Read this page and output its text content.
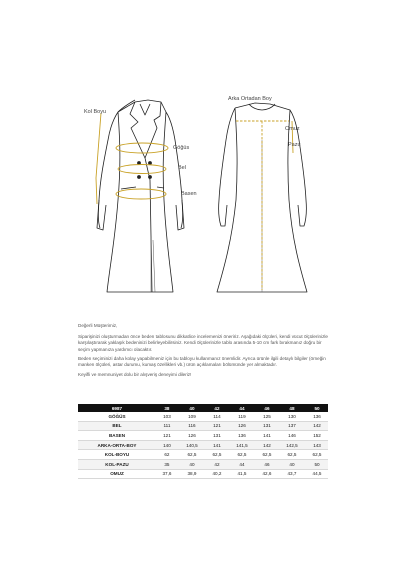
Kol Boyu
Göğüs
Bel
Basen
Arka Ortadan Boy
Omuz
Pazu

Değerli Müşterimiz,

Siparişinizi oluşturmadan önce beden tablosunu dikkatlice incelemenizi öneririz. Aşağıdaki ölçüleri, kendi vücut ölçülerinizle karşılaştırarak yaklaşık bedeninizi belirleyebilirsiniz. Kendi ölçülerinizle tablo arasında 5-10 cm fark bırakmanız doğru bir seçim yapmanıza yardımcı olacaktır.

Beden seçiminizi daha kolay yapabilmeniz için bu tabloyu kullanmanız önemlidir. Ayrıca ürünle ilgili detaylı bilgiler (örneğin manken ölçüleri, astar durumu, kumaş özellikleri vb.) ürün açıklamaları bölümünde yer almaktadır.

Keyifli ve memnuniyet dolu bir alışveriş deneyimi dileriz!

6987	38	40	42	44	46	48	50
GÖĞÜS	103	109	114	119	125	130	136
BEL	111	116	121	126	131	137	142
BASEN	121	126	131	136	141	146	152
ARKA-ORTA-BOY	140	140,5	141	141,5	142	142,5	143
KOL-BOYU	62	62,5	62,5	62,5	62,5	62,5	62,5
KOL-PAZU	35	40	42	44	46	40	50
OMUZ	37,6	38,9	40,2	41,5	42,6	43,7	44,5
